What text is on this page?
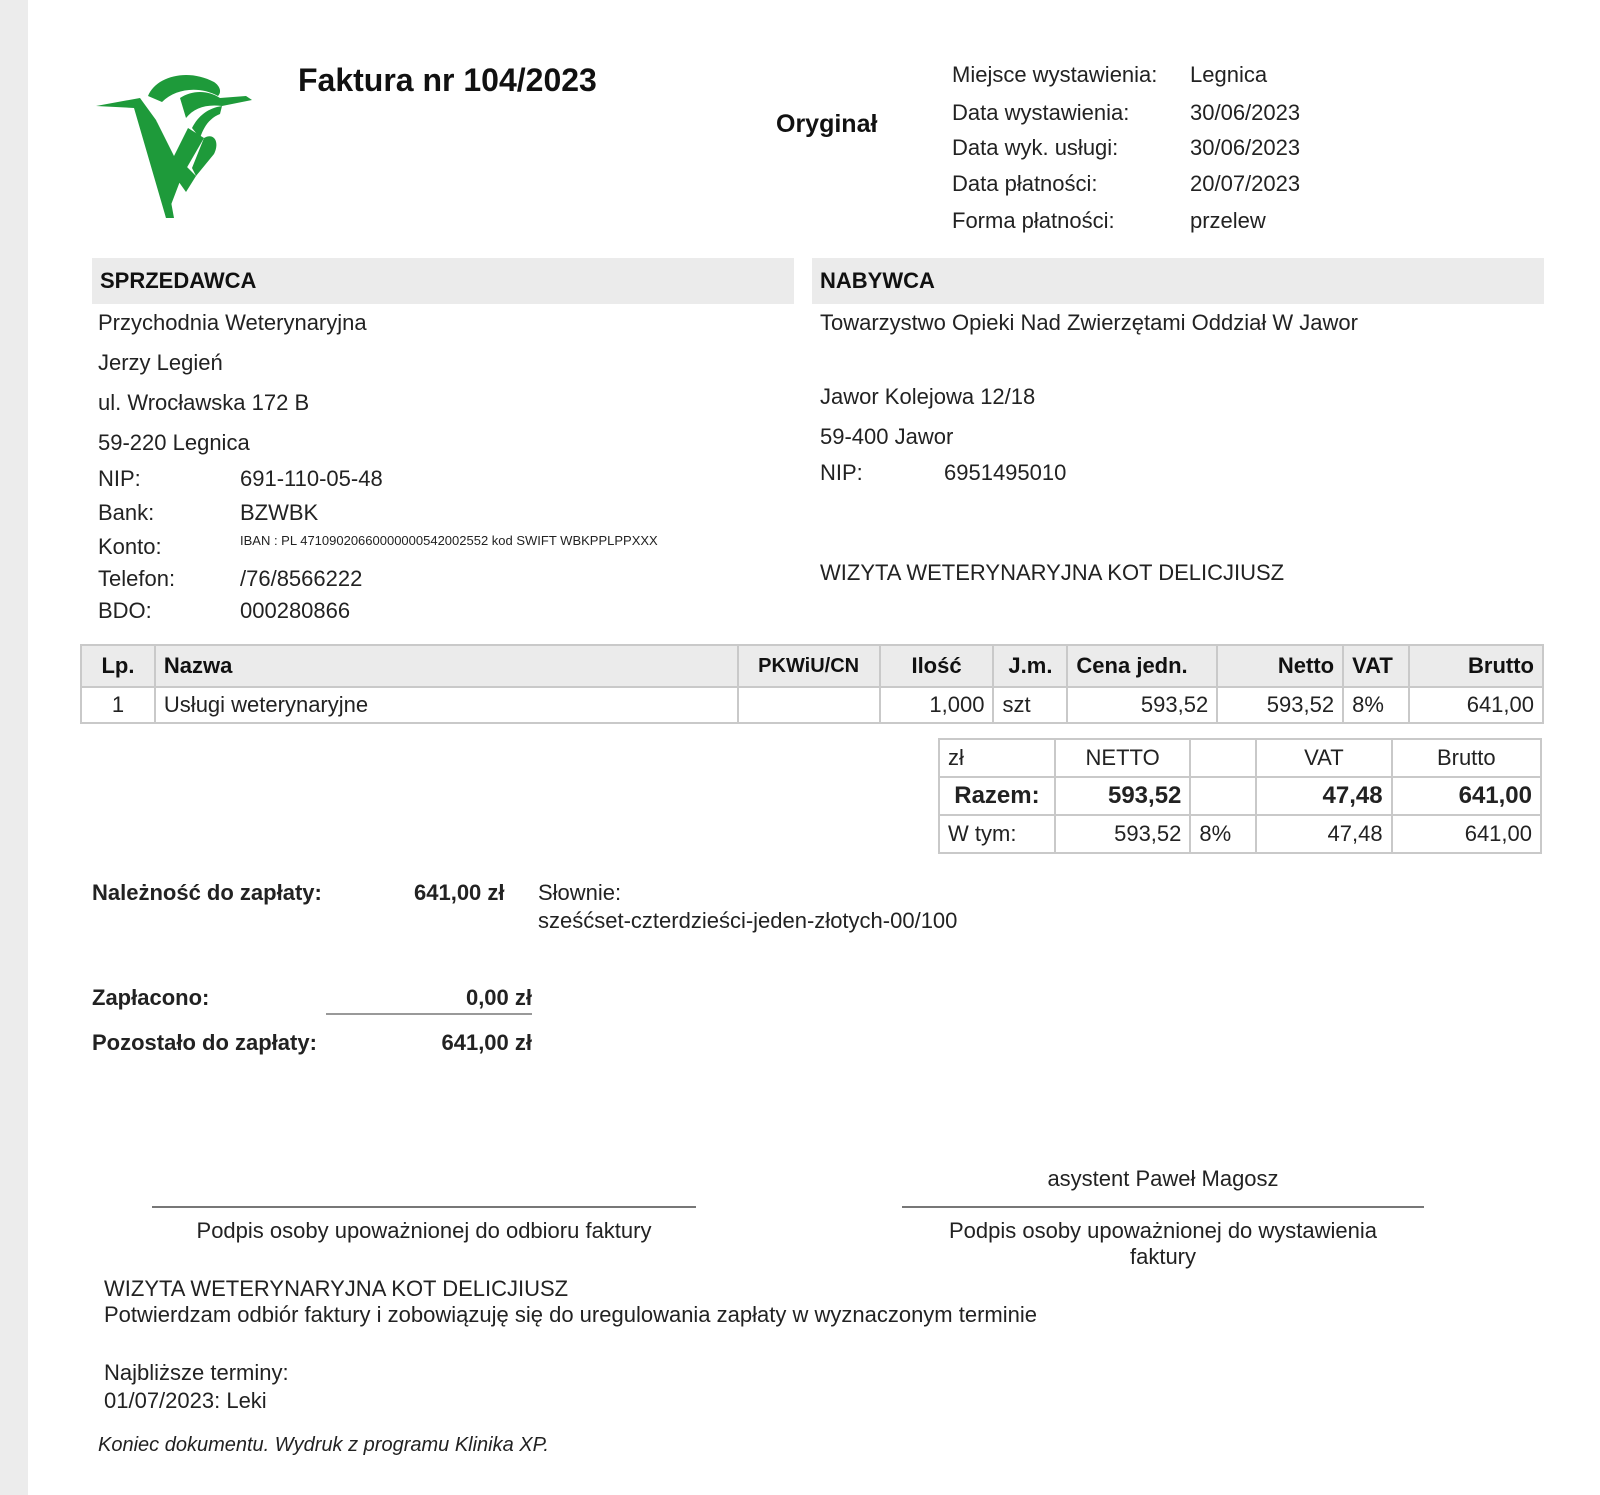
Faktura nr 104/2023
Oryginał
Miejsce wystawienia: Legnica
Data wystawienia:	30/06/2023
Data wyk. usługi:	30/06/2023
Data płatności:	20/07/2023
Forma płatności:	przelew
SPRZEDAWCA
Przychodnia Weterynaryjna
Jerzy Legień
ul. Wrocławska 172 B
59-220 Legnica
NIP:	691-110-05-48
Bank:	BZWBK
Konto:	IBAN : PL 47109020660000000542002552 kod SWIFT WBKPPLPPXXX
Telefon:	/76/8566222
BDO:	000280866
NABYWCA
Towarzystwo Opieki Nad Zwierzętami Oddział W Jawor
Jawor Kolejowa 12/18
59-400 Jawor
NIP:	6951495010
WIZYTA WETERYNARYJNA KOT DELICJIUSZ
Lp.	Nazwa	PKWiU/CN	Ilość	J.m.	Cena jedn.	Netto	VAT	Brutto
1	Usługi weterynaryjne		1,000	szt	593,52	593,52	8%	641,00
zł	NETTO		VAT	Brutto
Razem:	593,52		47,48	641,00
W tym:	593,52	8%	47,48	641,00
Należność do zapłaty:	641,00 zł Słownie:
sześćset-czterdzieści-jeden-złotych-00/100
Zapłacono:	0,00 zł
Pozostało do zapłaty:	641,00 zł
asystent Paweł Magosz
Podpis osoby upoważnionej do odbioru faktury	Podpis osoby upoważnionej do wystawienia
faktury
WIZYTA WETERYNARYJNA KOT DELICJIUSZ
Potwierdzam odbiór faktury i zobowiązuję się do uregulowania zapłaty w wyznaczonym terminie
Najbliższe terminy:
01/07/2023: Leki
Koniec dokumentu. Wydruk z programu Klinika XP.
